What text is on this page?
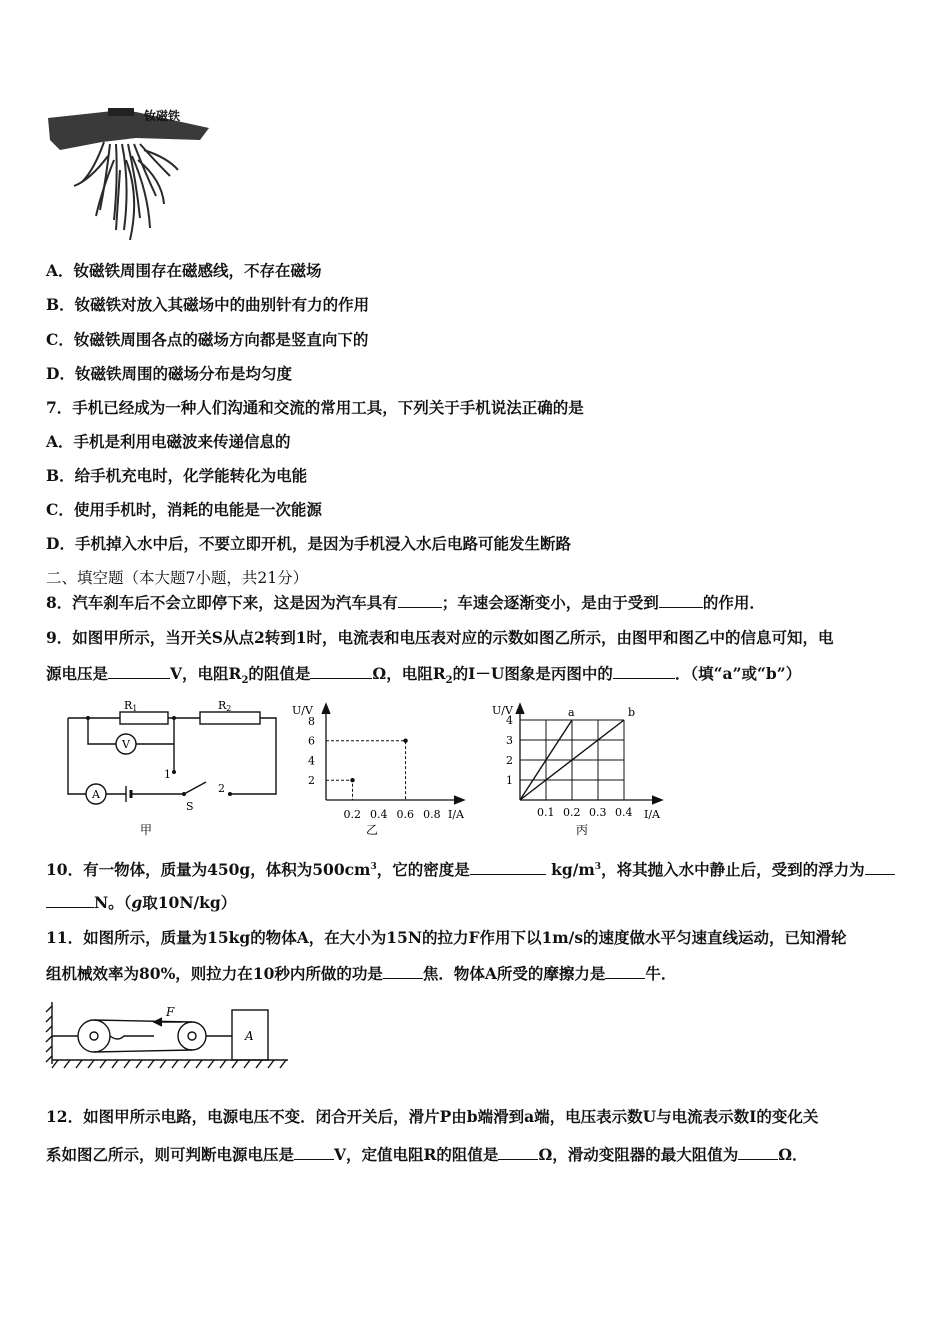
钕磁铁
A．钕磁铁周围存在磁感线，不存在磁场
B．钕磁铁对放入其磁场中的曲别针有力的作用
C．钕磁铁周围各点的磁场方向都是竖直向下的
D．钕磁铁周围的磁场分布是均匀度
7．手机已经成为一种人们沟通和交流的常用工具，下列关于手机说法正确的是
A．手机是利用电磁波来传递信息的
B．给手机充电时，化学能转化为电能
C．使用手机时，消耗的电能是一次能源
D．手机掉入水中后，不要立即开机，是因为手机浸入水后电路可能发生断路
二、填空题（本大题7小题，共21分）
8．汽车刹车后不会立即停下来，这是因为汽车具有	；车速会逐渐变小，是由于受到	的作用．
9．如图甲所示，当开关S从点2转到1时，电流表和电压表对应的示数如图乙所示，由图甲和图乙中的信息可知，电
源电压是	V，电阻$R_2$的阻值是	Ω，电阻$R_2$的I－U图象是丙图中的	．（填“a”或“b”）
R1	R2
V
A
1
2
S
甲
U/V
I/A
乙
8
6
4
2
0.2 0.4 0.6 0.8
U/V
I/A
丙
4
3
2
1
0.1 0.2 0.3 0.4
a	b
10．有一物体，质量为450g，体积为$500cm^3$，它的密度是	$kg/m^3$，将其抛入水中静止后，受到的浮力为
N。（g取10N/kg）
11．如图所示，质量为15kg的物体A，在大小为15N的拉力F作用下以1m/s的速度做水平匀速直线运动，已知滑轮
组机械效率为80%，则拉力在10秒内所做的功是	焦．物体A所受的摩擦力是	牛．
F
A
12．如图甲所示电路，电源电压不变．闭合开关后，滑片P由b端滑到a端，电压表示数U与电流表示数I的变化关
系如图乙所示，则可判断电源电压是	V，定值电阻R的阻值是	Ω，滑动变阻器的最大阻值为	Ω．
